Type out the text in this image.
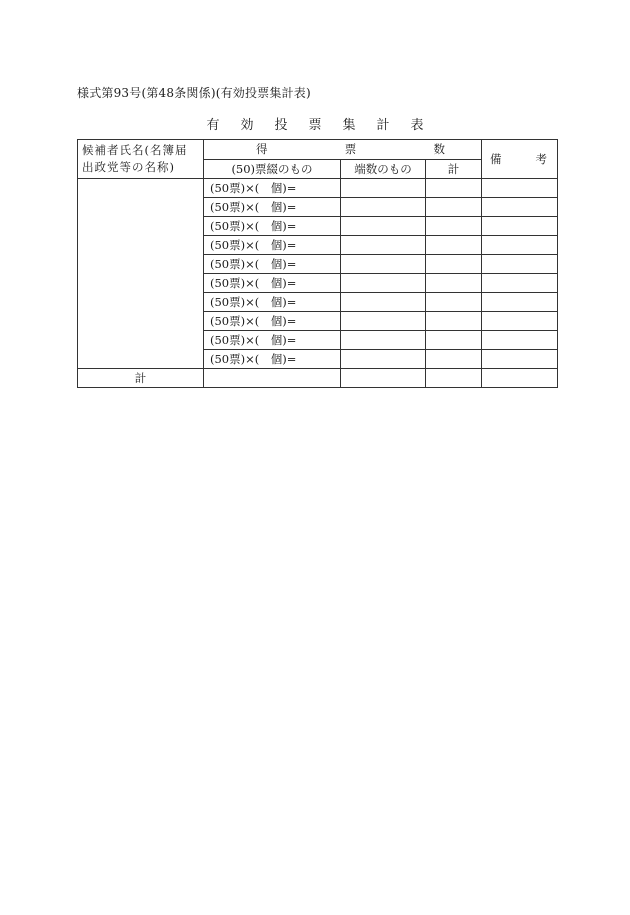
様式第93号(第48条関係)(有効投票集計表)
有	効	投	票	集	計	表
候補者氏名(名簿届出政党等の名称)	得 票 数			備 考

	(50)票綴のもの	端数のもの	計	
	(50票)×(　個)=			
	(50票)×(　個)=			
	(50票)×(　個)=			
	(50票)×(　個)=			
	(50票)×(　個)=			
	(50票)×(　個)=			
	(50票)×(　個)=			
	(50票)×(　個)=			
	(50票)×(　個)=			
	(50票)×(　個)=			
計				
